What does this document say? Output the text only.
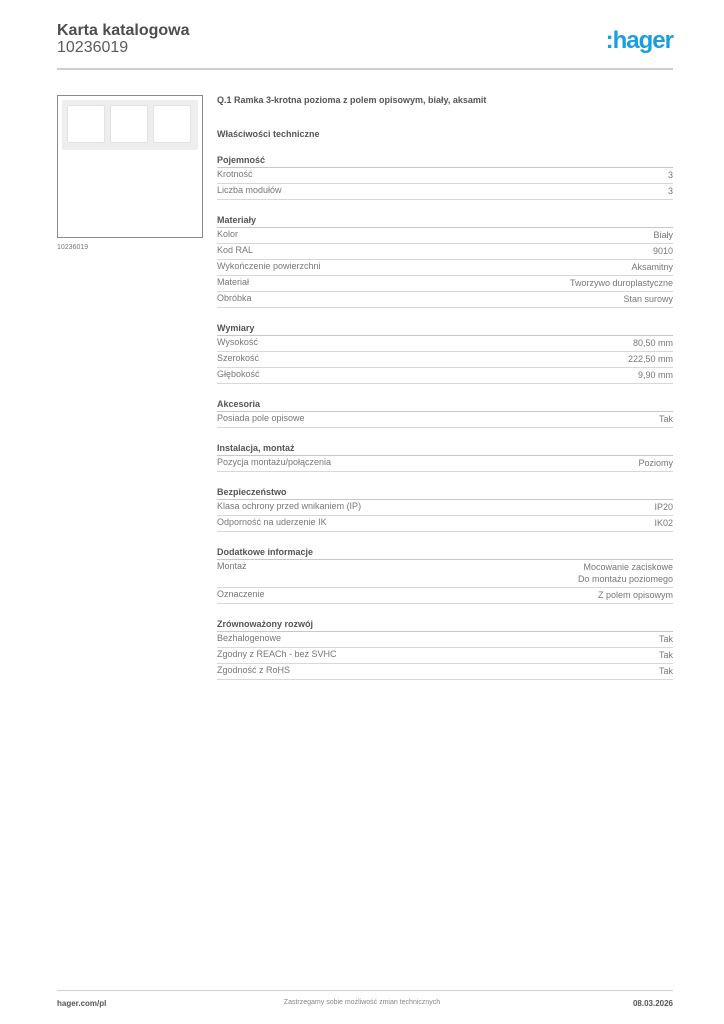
Karta katalogowa
10236019	:hager
10236019
Q.1 Ramka 3-krotna pozioma z polem opisowym, biały, aksamit
Właściwości techniczne
Pojemność
Krotność	3
Liczba modułów	3
Materiały
Kolor	Biały
Kod RAL	9010
Wykończenie powierzchni	Aksamitny
Materiał	Tworzywo duroplastyczne
Obróbka	Stan surowy
Wymiary
Wysokość	80,50 mm
Szerokość	222,50 mm
Głębokość	9,90 mm
Akcesoria
Posiada pole opisowe	Tak
Instalacja, montaż
Pozycja montażu/połączenia	Poziomy
Bezpieczeństwo
Klasa ochrony przed wnikaniem (IP)	IP20
Odporność na uderzenie IK	IK02
Dodatkowe informacje
Montaż	Mocowanie zaciskowe
Do montażu poziomego
Oznaczenie	Z polem opisowym
Zrównoważony rozwój
Bezhalogenowe	Tak
Zgodny z REACh - bez SVHC	Tak
Zgodność z RoHS	Tak
hager.com/pl	Zastrzegamy sobie możliwość zmian technicznych	08.03.2026
